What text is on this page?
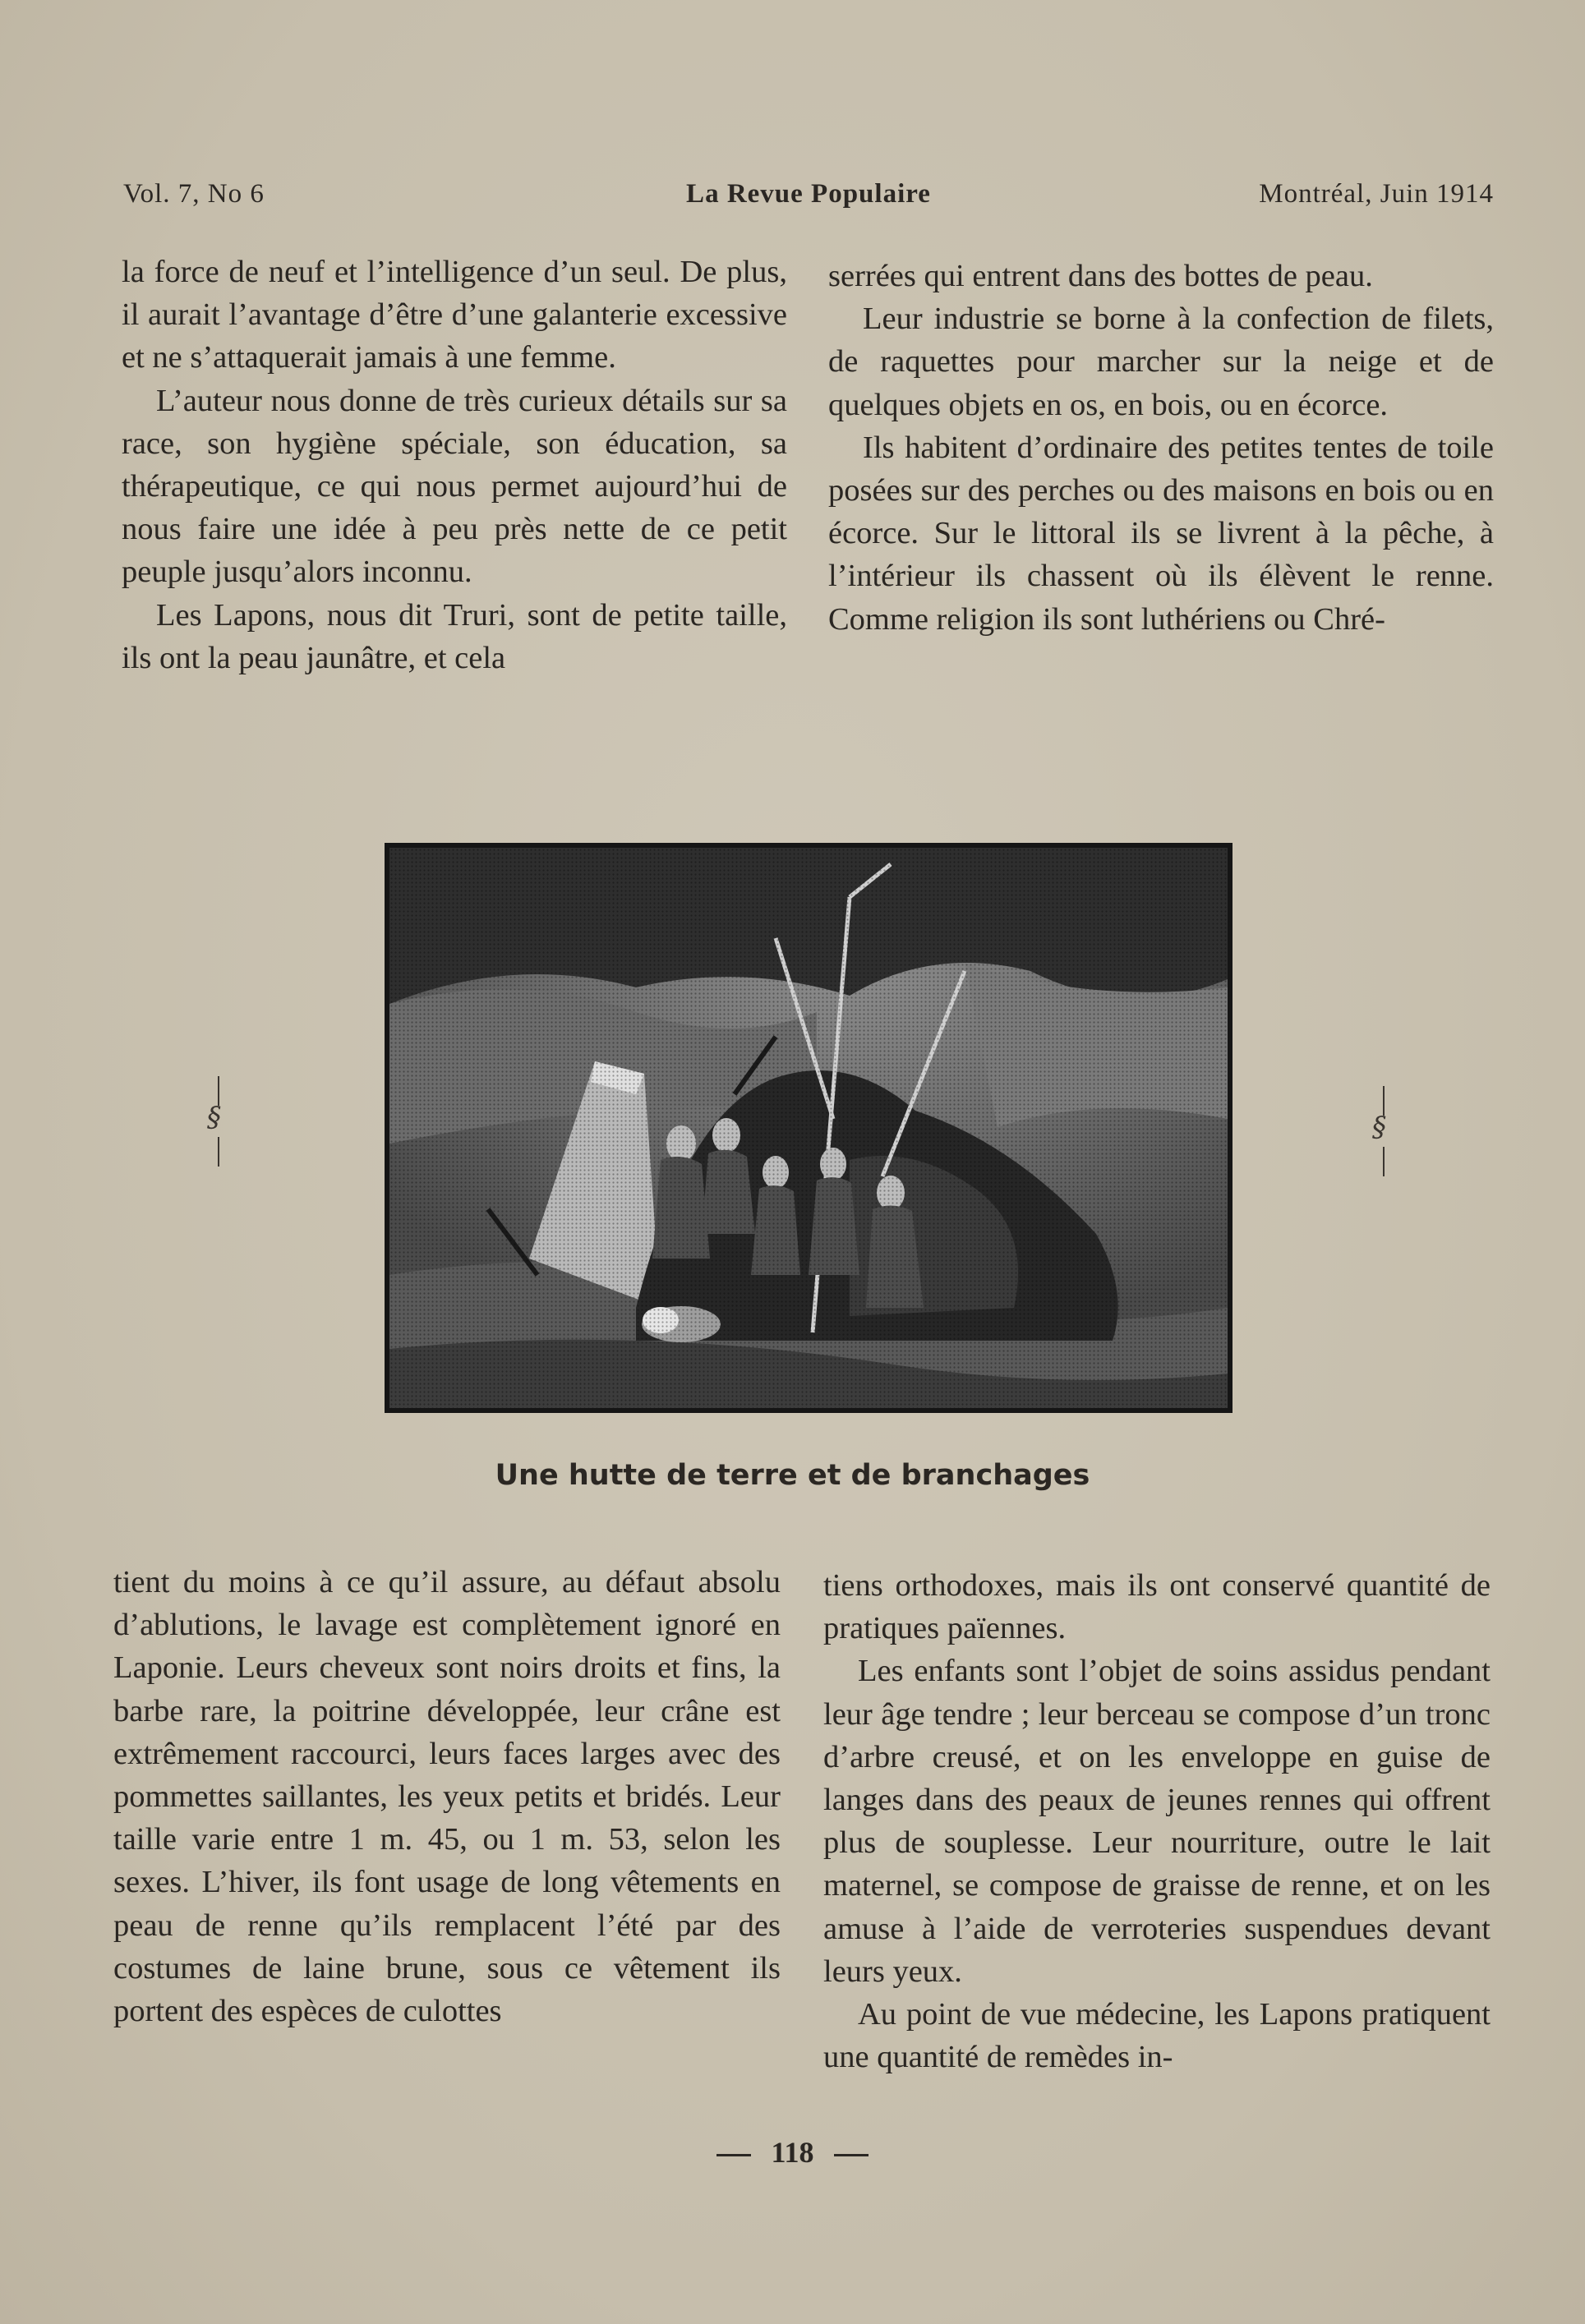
Vol. 7, No 6	La Revue Populaire	Montréal, Juin 1914

la force de neuf et l’intelligence d’un seul. De plus, il aurait l’avantage d’être d’une galanterie excessive et ne s’attaquerait jamais à une femme.

L’auteur nous donne de très curieux détails sur sa race, son hygiène spéciale, son éducation, sa thérapeutique, ce qui nous permet aujourd’hui de nous faire une idée à peu près nette de ce petit peuple jusqu’alors inconnu.

Les Lapons, nous dit Truri, sont de petite taille, ils ont la peau jaunâtre, et cela

serrées qui entrent dans des bottes de peau.

Leur industrie se borne à la confection de filets, de raquettes pour marcher sur la neige et de quelques objets en os, en bois, ou en écorce.

Ils habitent d’ordinaire des petites tentes de toile posées sur des perches ou des maisons en bois ou en écorce. Sur le littoral ils se livrent à la pêche, à l’intérieur ils chassent où ils élèvent le renne. Comme religion ils sont luthériens ou Chré-

§	§
Une hutte de terre et de branchages

tient du moins à ce qu’il assure, au défaut absolu d’ablutions, le lavage est complètement ignoré en Laponie. Leurs cheveux sont noirs droits et fins, la barbe rare, la poitrine développée, leur crâne est extrêmement raccourci, leurs faces larges avec des pommettes saillantes, les yeux petits et bridés. Leur taille varie entre 1 m. 45, ou 1 m. 53, selon les sexes. L’hiver, ils font usage de long vêtements en peau de renne qu’ils remplacent l’été par des costumes de laine brune, sous ce vêtement ils portent des espèces de culottes

tiens orthodoxes, mais ils ont conservé quantité de pratiques païennes.

Les enfants sont l’objet de soins assidus pendant leur âge tendre ; leur berceau se compose d’un tronc d’arbre creusé, et on les enveloppe en guise de langes dans des peaux de jeunes rennes qui offrent plus de souplesse. Leur nourriture, outre le lait maternel, se compose de graisse de renne, et on les amuse à l’aide de verroteries suspendues devant leurs yeux.

Au point de vue médecine, les Lapons pratiquent une quantité de remèdes in-

118
